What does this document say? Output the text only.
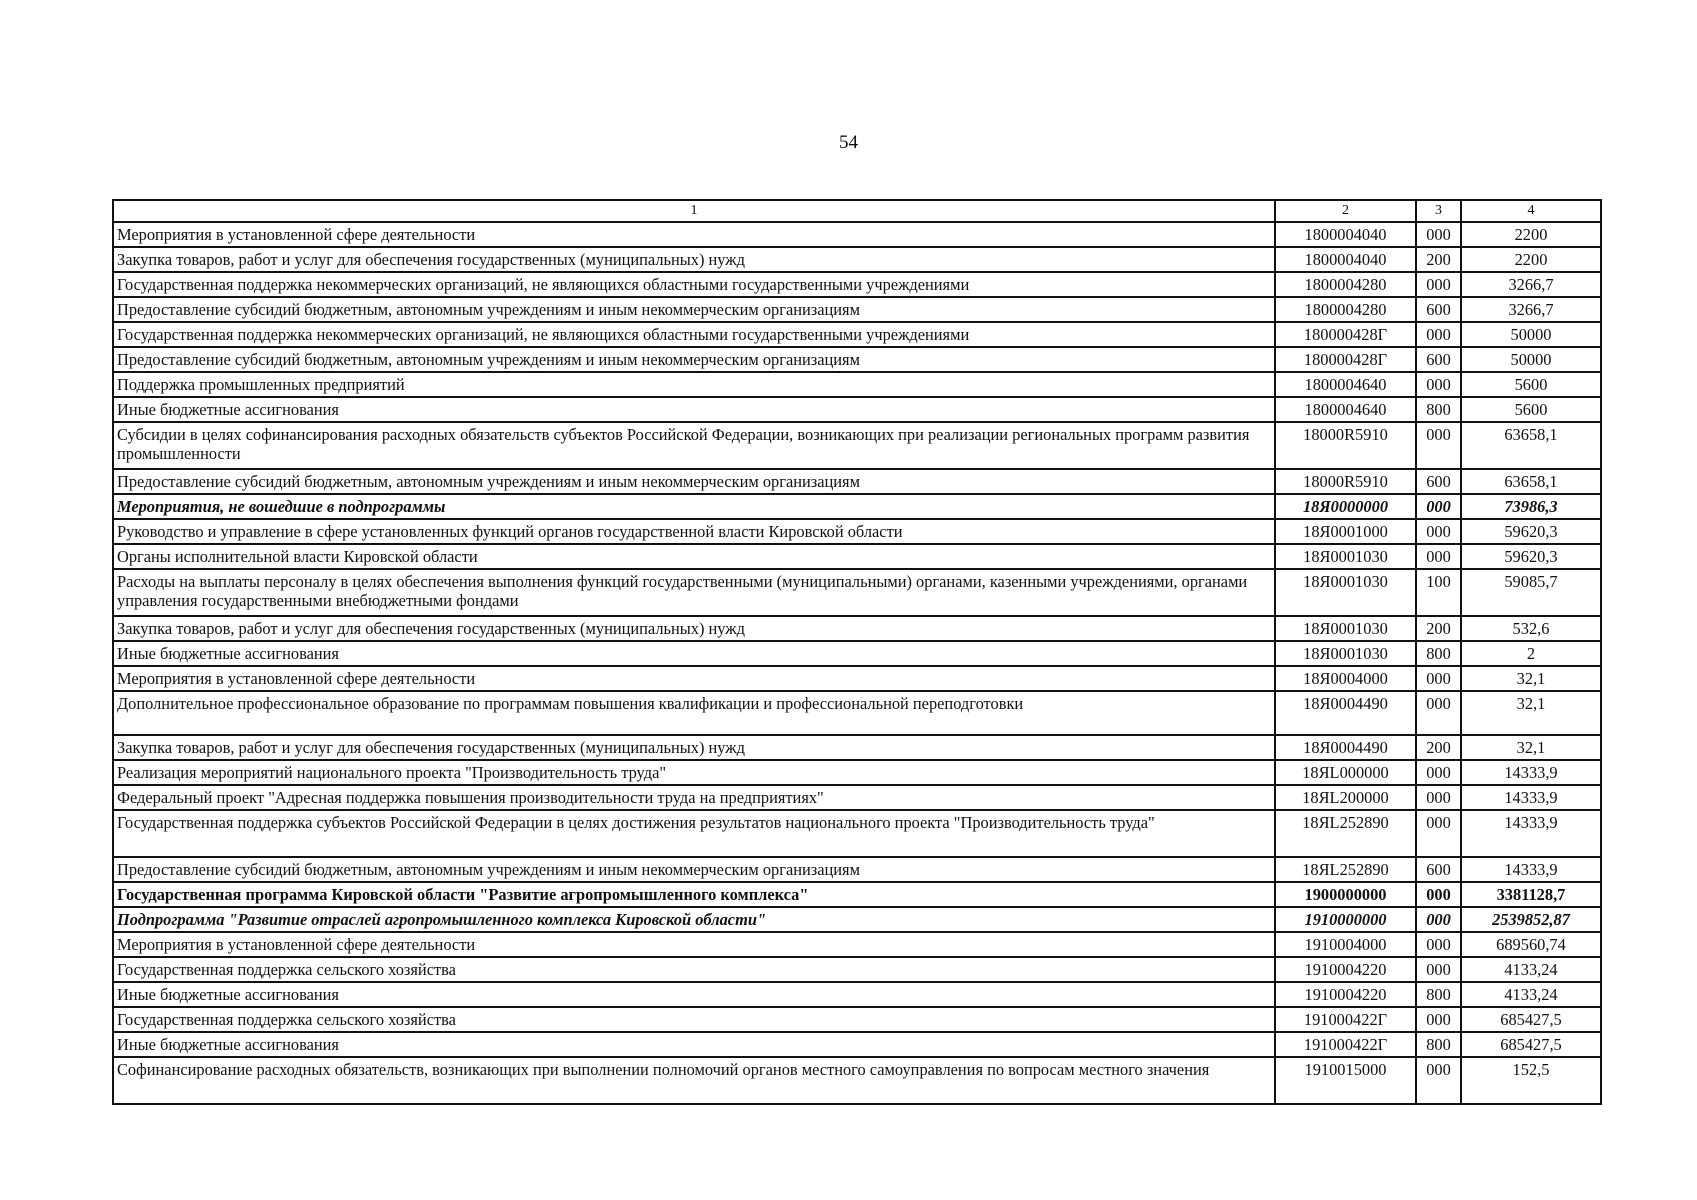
54
1	2	3	4
Мероприятия в установленной сфере деятельности	1800004040	000	2200
Закупка товаров, работ и услуг для обеспечения государственных (муниципальных) нужд	1800004040	200	2200
Государственная поддержка некоммерческих организаций, не являющихся областными государственными учреждениями	1800004280	000	3266,7
Предоставление субсидий бюджетным, автономным учреждениям и иным некоммерческим организациям	1800004280	600	3266,7
Государственная поддержка некоммерческих организаций, не являющихся областными государственными учреждениями	180000428Г	000	50000
Предоставление субсидий бюджетным, автономным учреждениям и иным некоммерческим организациям	180000428Г	600	50000
Поддержка промышленных предприятий	1800004640	000	5600
Иные бюджетные ассигнования	1800004640	800	5600
Субсидии в целях софинансирования расходных обязательств субъектов Российской Федерации, возникающих при реализации региональных программ развития промышленности	18000R5910	000	63658,1
Предоставление субсидий бюджетным, автономным учреждениям и иным некоммерческим организациям	18000R5910	600	63658,1
Мероприятия, не вошедшие в подпрограммы	18Я0000000	000	73986,3
Руководство и управление в сфере установленных функций органов государственной власти Кировской области	18Я0001000	000	59620,3
Органы исполнительной власти Кировской области	18Я0001030	000	59620,3
Расходы на выплаты персоналу в целях обеспечения выполнения функций государственными (муниципальными) органами, казенными учреждениями, органами управления государственными внебюджетными фондами	18Я0001030	100	59085,7
Закупка товаров, работ и услуг для обеспечения государственных (муниципальных) нужд	18Я0001030	200	532,6
Иные бюджетные ассигнования	18Я0001030	800	2
Мероприятия в установленной сфере деятельности	18Я0004000	000	32,1
Дополнительное профессиональное образование по программам повышения квалификации и профессиональной переподготовки	18Я0004490	000	32,1
Закупка товаров, работ и услуг для обеспечения государственных (муниципальных) нужд	18Я0004490	200	32,1
Реализация мероприятий национального проекта "Производительность труда"	18ЯL000000	000	14333,9
Федеральный проект "Адресная поддержка повышения производительности труда на предприятиях"	18ЯL200000	000	14333,9
Государственная поддержка субъектов Российской Федерации в целях достижения результатов национального проекта "Производительность труда"	18ЯL252890	000	14333,9
Предоставление субсидий бюджетным, автономным учреждениям и иным некоммерческим организациям	18ЯL252890	600	14333,9
Государственная программа Кировской области "Развитие агропромышленного комплекса"	1900000000	000	3381128,7
Подпрограмма "Развитие отраслей агропромышленного комплекса Кировской области"	1910000000	000	2539852,87
Мероприятия в установленной сфере деятельности	1910004000	000	689560,74
Государственная поддержка сельского хозяйства	1910004220	000	4133,24
Иные бюджетные ассигнования	1910004220	800	4133,24
Государственная поддержка сельского хозяйства	191000422Г	000	685427,5
Иные бюджетные ассигнования	191000422Г	800	685427,5
Софинансирование расходных обязательств, возникающих при выполнении полномочий органов местного самоуправления по вопросам местного значения	1910015000	000	152,5
